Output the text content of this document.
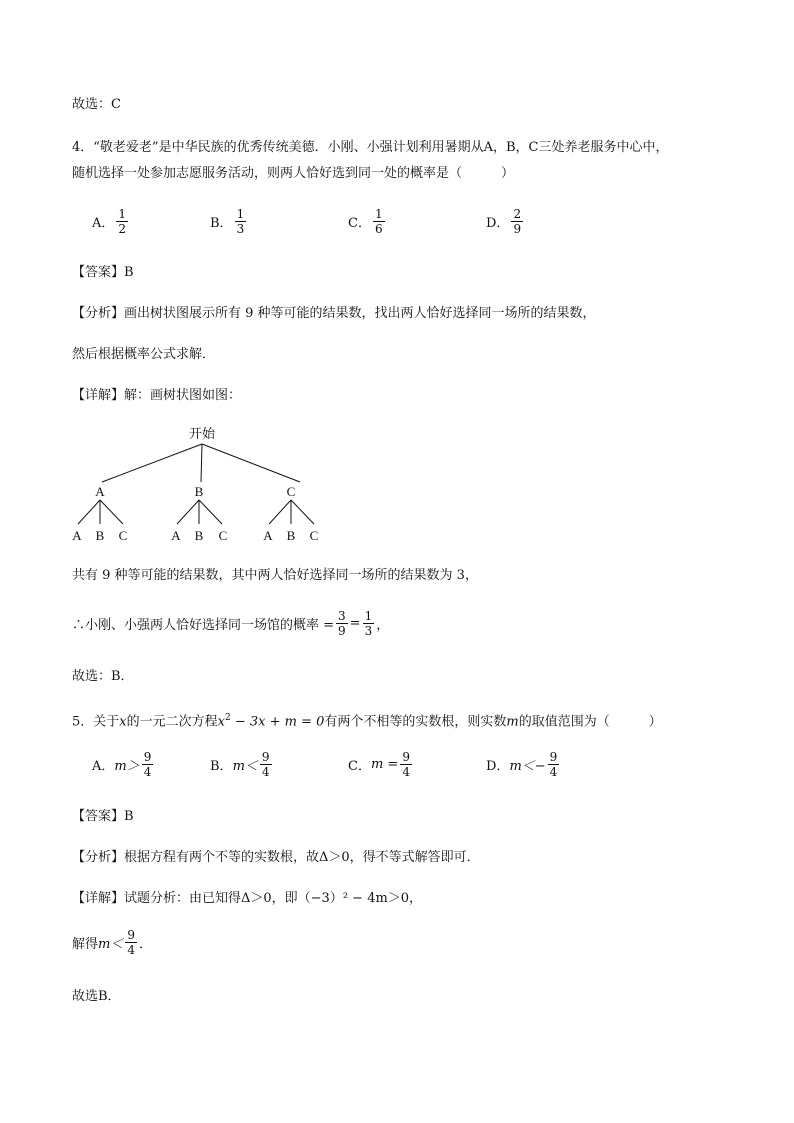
故选：C
4．“敬老爱老”是中华民族的优秀传统美德．小刚、小强计划利用暑期从A，B，C三处养老服务中心中，
随机选择一处参加志愿服务活动，则两人恰好选到同一处的概率是（　　　）
A． $\frac{1}{2}$	B． $\frac{1}{3}$	C． $\frac{1}{6}$	D． $\frac{2}{9}$
【答案】B
【分析】画出树状图展示所有 9 种等可能的结果数，找出两人恰好选择同一场所的结果数，
然后根据概率公式求解．
【详解】解：画树状图如图：
开始
A	B	C
A B C	A B C	A B C
共有 9 种等可能的结果数，其中两人恰好选择同一场所的结果数为 3，
∴小刚、小强两人恰好选择同一场馆的概率 = $\frac{3}{9} = \frac{1}{3}$ ，
故选：B．
5．关于x的一元二次方程$x^2 - 3x + m = 0$有两个不相等的实数根，则实数m的取值范围为（　　　）
A． $m> \frac{9}{4}$	B． $m< \frac{9}{4}$	C． $m = \frac{9}{4}$	D． $m<- \frac{9}{4}$
【答案】B
【分析】根据方程有两个不等的实数根，故Δ＞0，得不等式解答即可．
【详解】试题分析：由已知得Δ＞0，即（−3）² − 4m＞0，
解得 $m< \frac{9}{4}$ ．
故选B．
